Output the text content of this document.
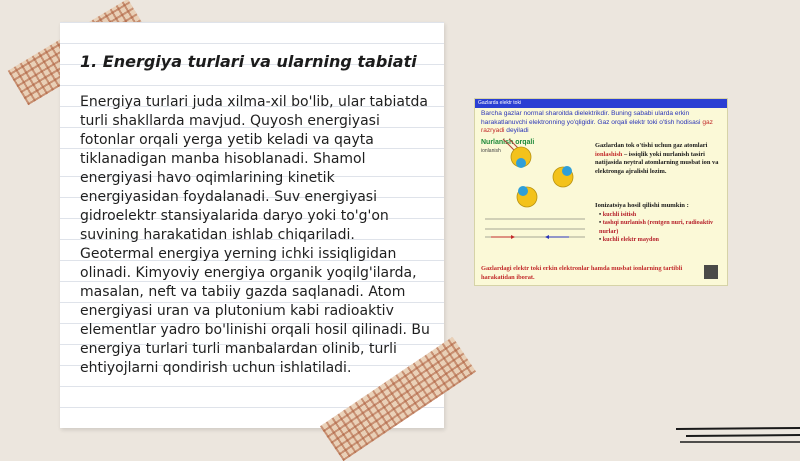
1. Energiya turlari va ularning tabiati

Energiya turlari juda xilma-xil bo'lib, ular tabiatda turli shakllarda mavjud. Quyosh energiyasi fotonlar orqali yerga yetib keladi va qayta tiklanadigan manba hisoblanadi. Shamol energiyasi havo oqimlarining kinetik energiyasidan foydalanadi. Suv energiyasi gidroelektr stansiyalarida daryo yoki to'g'on suvining harakatidan ishlab chiqariladi. Geotermal energiya yerning ichki issiqligidan olinadi. Kimyoviy energiya organik yoqilg'ilarda, masalan, neft va tabiiy gazda saqlanadi. Atom energiyasi uran va plutonium kabi radioaktiv elementlar yadro bo'linishi orqali hosil qilinadi. Bu energiya turlari turli manbalardan olinib, turli ehtiyojlarni qondirish uchun ishlatiladi.

Gazlarda elektr toki

Barcha gazlar normal sharoitda dielektrikdir. Buning sababi ularda erkin harakatlanuvchi elektronning yo'qligidir. Gaz orqali elektr toki o'tish hodisasi gaz razryadi deyiladi

Nurlanish orqali

ionlanish

Gazlardan tok o'tishi uchun gaz atomlari ionlashish – issiqlik yoki nurlanish tasiri natijasida neytral atomlarning musbat ion va elektronga ajralishi lozim.

Ionizatsiya hosil qilishi mumkin :

• kuchli isitish
• tashqi nurlanish (rentgen nuri, radioaktiv nurlar)
• kuchli elektr maydon

Gazlardagi elektr toki erkin elektronlar hamda musbat ionlarning tartibli harakatidan iborat.
